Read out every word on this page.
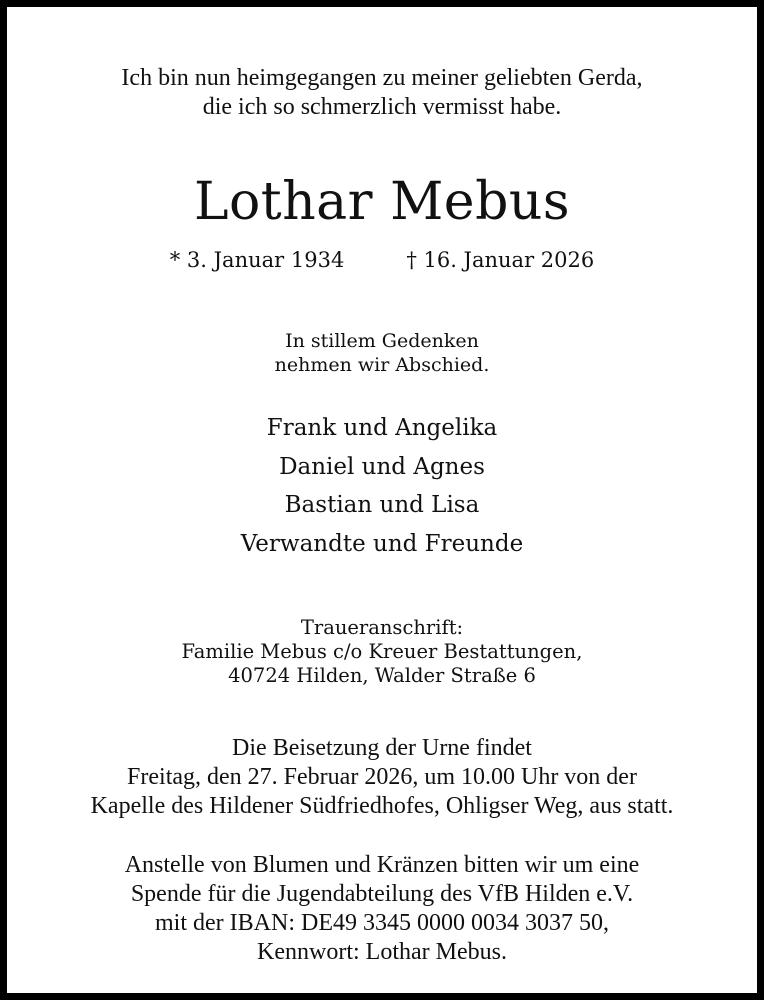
Ich bin nun heimgegangen zu meiner geliebten Gerda,
die ich so schmerzlich vermisst habe.
Lothar Mebus
* 3. Januar 1934	† 16. Januar 2026
In stillem Gedenken
nehmen wir Abschied.
Frank und Angelika
Daniel und Agnes
Bastian und Lisa
Verwandte und Freunde
Traueranschrift:
Familie Mebus c/o Kreuer Bestattungen,
40724 Hilden, Walder Straße 6
Die Beisetzung der Urne findet
Freitag, den 27. Februar 2026, um 10.00 Uhr von der
Kapelle des Hildener Südfriedhofes, Ohligser Weg, aus statt.
Anstelle von Blumen und Kränzen bitten wir um eine
Spende für die Jugendabteilung des VfB Hilden e.V.
mit der IBAN: DE49 3345 0000 0034 3037 50,
Kennwort: Lothar Mebus.
